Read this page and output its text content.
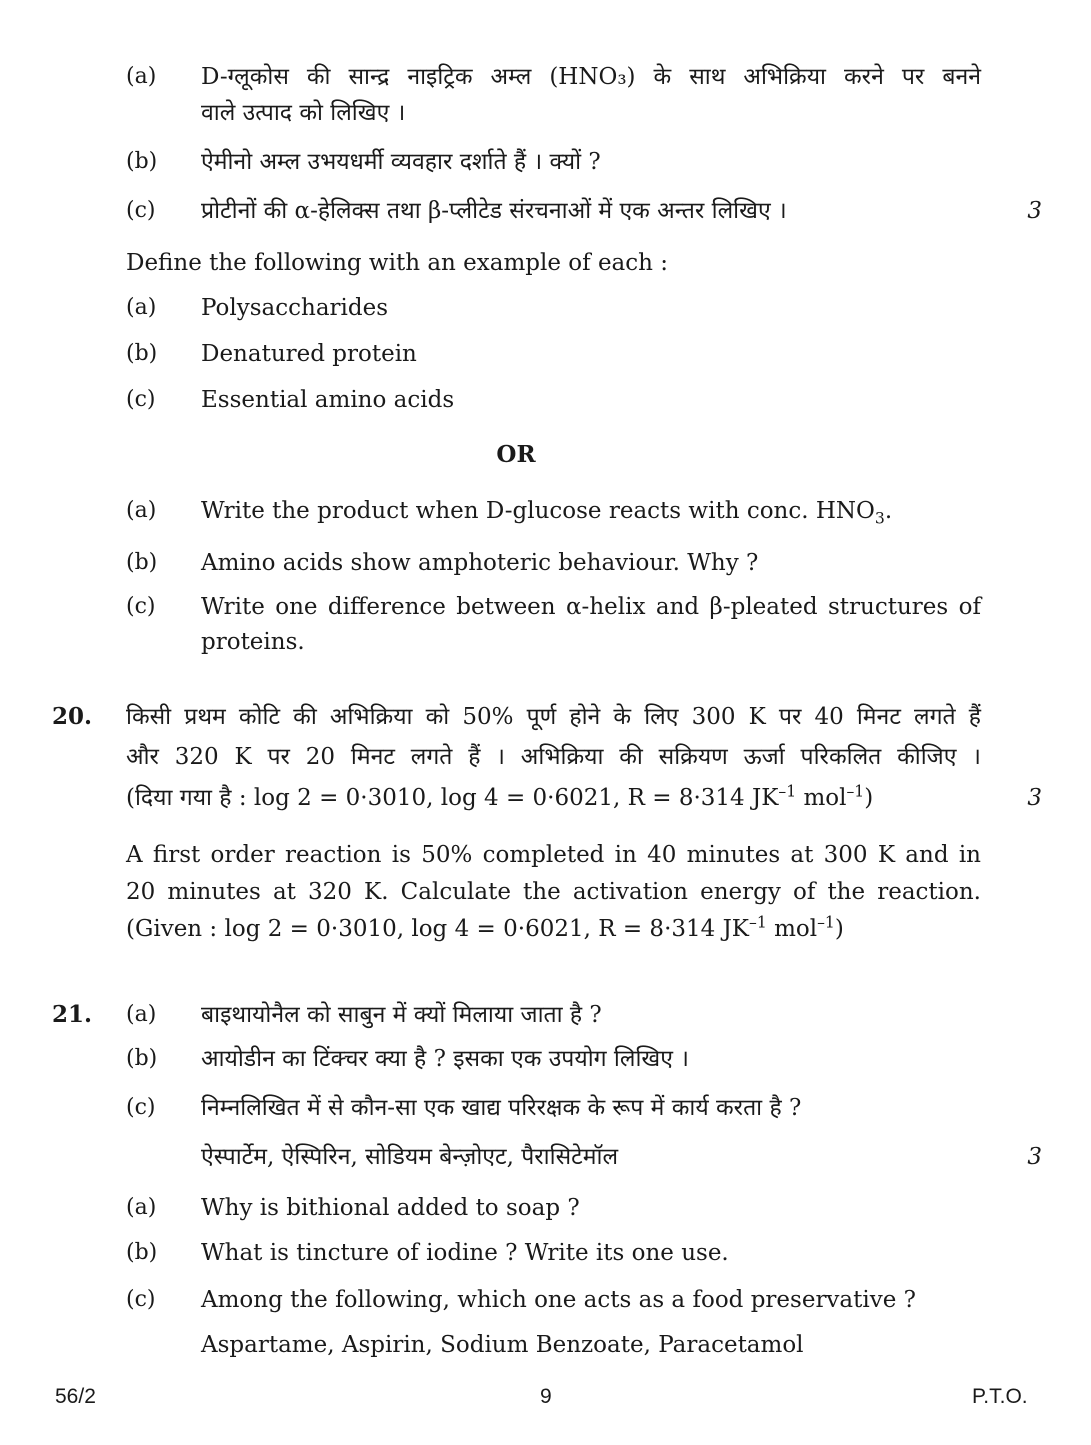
(a) D-ग्लूकोस की सान्द्र नाइट्रिक अम्ल (HNO₃) के साथ अभिक्रिया करने पर बनने
वाले उत्पाद को लिखिए ।
(b) ऐमीनो अम्ल उभयधर्मी व्यवहार दर्शाते हैं । क्यों ?
(c) प्रोटीनों की α-हेलिक्स तथा β-प्लीटेड संरचनाओं में एक अन्तर लिखिए ।	3
Define the following with an example of each :
(a) Polysaccharides
(b) Denatured protein
(c) Essential amino acids
OR
(a) Write the product when D-glucose reacts with conc. $HNO_3$.
(b) Amino acids show amphoteric behaviour. Why ?
(c) Write one difference between α-helix and β-pleated structures of
proteins.
20. किसी प्रथम कोटि की अभिक्रिया को 50% पूर्ण होने के लिए 300 K पर 40 मिनट लगते हैं
और 320 K पर 20 मिनट लगते हैं । अभिक्रिया की सक्रियण ऊर्जा परिकलित कीजिए ।
(दिया गया है : log 2 = 0·3010, log 4 = 0·6021, R = 8·314 $JK^{-1}$ mol$^{-1}$)	3
A first order reaction is 50% completed in 40 minutes at 300 K and in
20 minutes at 320 K. Calculate the activation energy of the reaction.
(Given : log 2 = 0·3010, log 4 = 0·6021, R = 8·314 $JK^{-1}$ mol$^{-1}$)
21. (a) बाइथायोनैल को साबुन में क्यों मिलाया जाता है ?
(b) आयोडीन का टिंक्चर क्या है ? इसका एक उपयोग लिखिए ।
(c) निम्नलिखित में से कौन-सा एक खाद्य परिरक्षक के रूप में कार्य करता है ?
ऐस्पार्टेम, ऐस्पिरिन, सोडियम बेन्ज़ोएट, पैरासिटेमॉल	3
(a) Why is bithional added to soap ?
(b) What is tincture of iodine ? Write its one use.
(c) Among the following, which one acts as a food preservative ?
Aspartame, Aspirin, Sodium Benzoate, Paracetamol
56/2	9	P.T.O.
